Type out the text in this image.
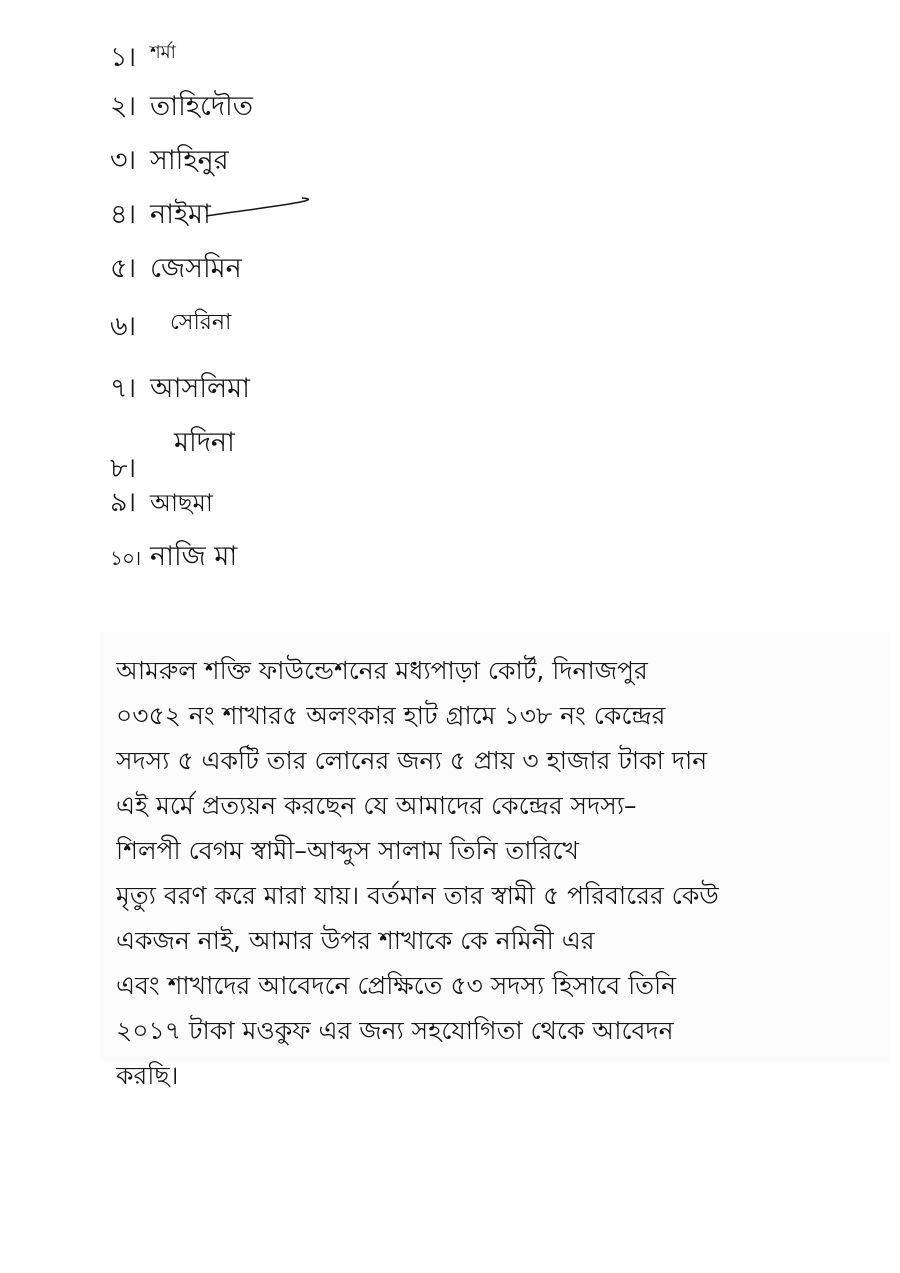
১। শর্মা
২। তাহিদৌত
৩। সাহিনুর
৪। নাইমা
৫। জেসমিন
৬। সেরিনা
৭। আসলিমা
৮।মদিনা
৯। আছমা
১০। নাজি মা
আমরুল শক্তি ফাউন্ডেশনের মধ্যপাড়া কোর্ট, দিনাজপুর
০৩৫২ নং শাখার৫ অলংকার হাট গ্রামে ১৩৮ নং কেন্দ্রের
সদস্য ৫ একটি তার লোনের জন্য ৫ প্রায় ৩ হাজার টাকা দান
এই মর্মে প্রত্যয়ন করছেন যে আমাদের কেন্দ্রের সদস্য–
শিলপী বেগম স্বামী–আব্দুস সালাম তিনি তারিখে
মৃত্যু বরণ করে মারা যায়। বর্তমান তার স্বামী ৫ পরিবারের কেউ
একজন নাই, আমার উপর শাখাকে কে নমিনী এর
এবং শাখাদের আবেদনে প্রেক্ষিতে ৫৩ সদস্য হিসাবে তিনি
২০১৭ টাকা মওকুফ এর জন্য সহযোগিতা থেকে আবেদন
করছি।
